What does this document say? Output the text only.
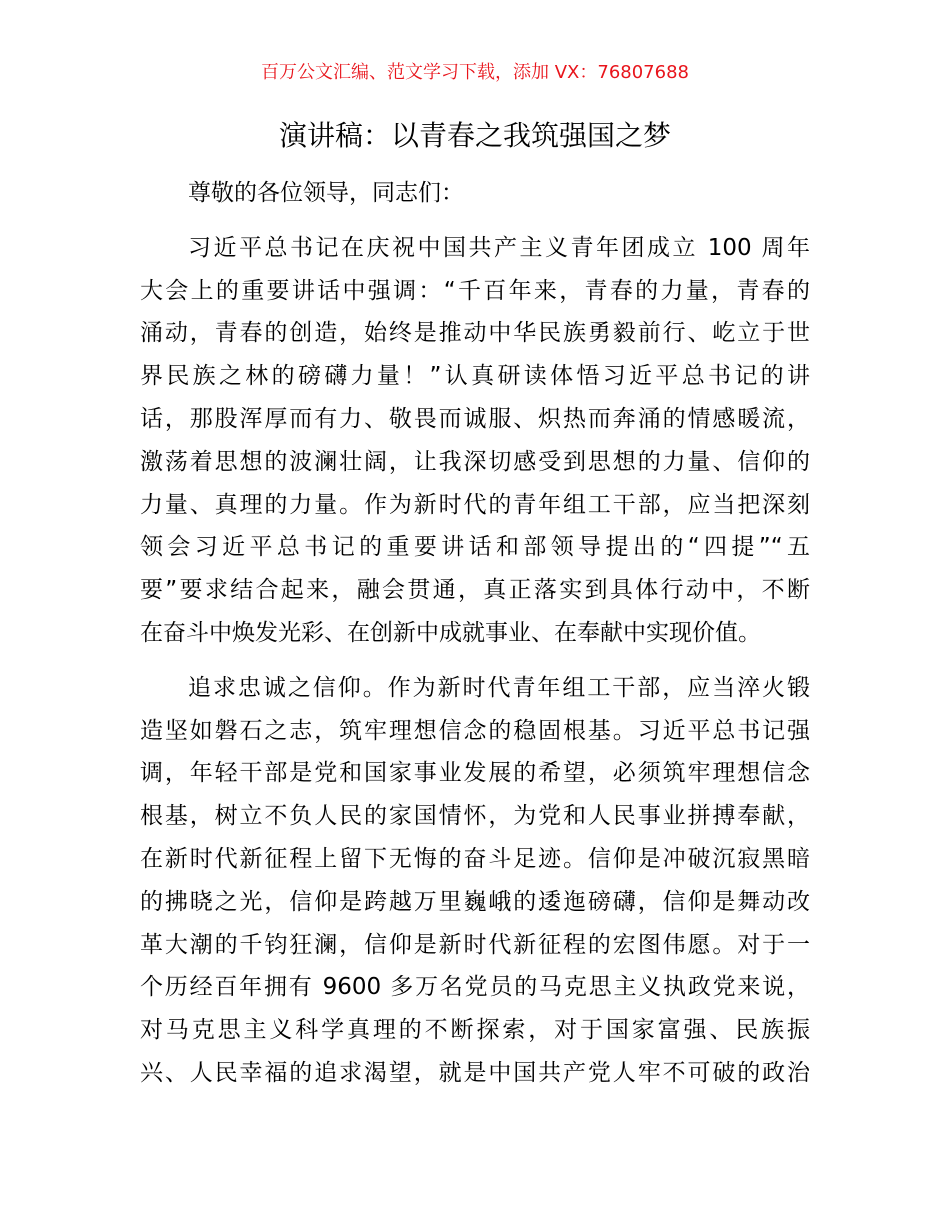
百万公文汇编、范文学习下载，添加 VX：76807688
演讲稿：以青春之我筑强国之梦
尊敬的各位领导，同志们：
习近平总书记在庆祝中国共产主义青年团成立 100 周年
大会上的重要讲话中强调：“千百年来，青春的力量，青春的
涌动，青春的创造，始终是推动中华民族勇毅前行、屹立于世
界民族之林的磅礴力量！”认真研读体悟习近平总书记的讲
话，那股浑厚而有力、敬畏而诚服、炽热而奔涌的情感暖流，
激荡着思想的波澜壮阔，让我深切感受到思想的力量、信仰的
力量、真理的力量。作为新时代的青年组工干部，应当把深刻
领会习近平总书记的重要讲话和部领导提出的“四提”“五
要”要求结合起来，融会贯通，真正落实到具体行动中，不断
在奋斗中焕发光彩、在创新中成就事业、在奉献中实现价值。
追求忠诚之信仰。作为新时代青年组工干部，应当淬火锻
造坚如磐石之志，筑牢理想信念的稳固根基。习近平总书记强
调，年轻干部是党和国家事业发展的希望，必须筑牢理想信念
根基，树立不负人民的家国情怀，为党和人民事业拼搏奉献，
在新时代新征程上留下无悔的奋斗足迹。信仰是冲破沉寂黑暗
的拂晓之光，信仰是跨越万里巍峨的逶迤磅礴，信仰是舞动改
革大潮的千钧狂澜，信仰是新时代新征程的宏图伟愿。对于一
个历经百年拥有 9600 多万名党员的马克思主义执政党来说，
对马克思主义科学真理的不断探索，对于国家富强、民族振
兴、人民幸福的追求渴望，就是中国共产党人牢不可破的政治
